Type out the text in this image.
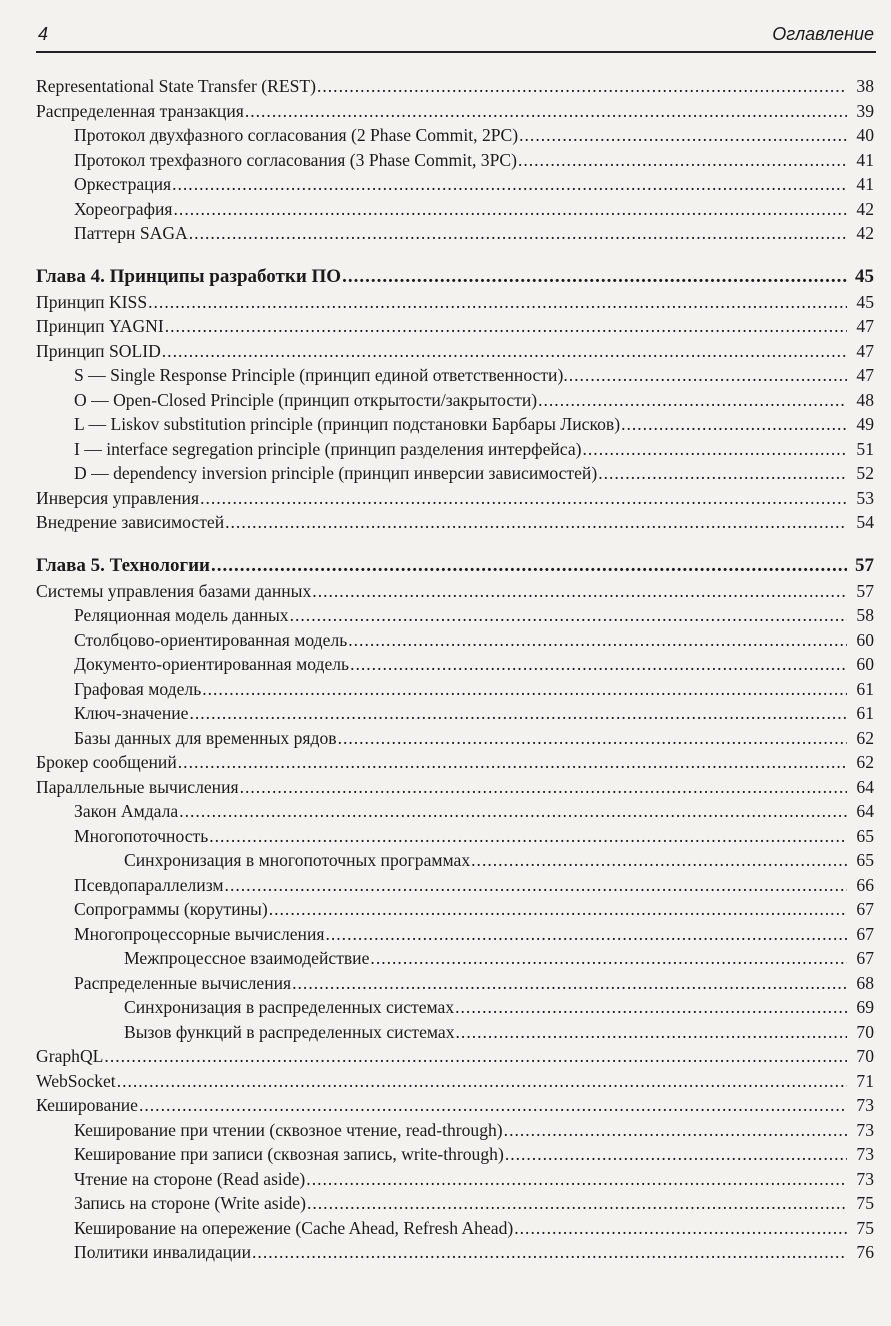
4	Оглавление
Representational State Transfer (REST) .....	38
Распределенная транзакция .....	39
Протокол двухфазного согласования (2 Phase Commit, 2PC) .....	40
Протокол трехфазного согласования (3 Phase Commit, 3PC) .....	41
Оркестрация .....	41
Хореография .....	42
Паттерн SAGA .....	42
Глава 4. Принципы разработки ПО .....	45
Принцип KISS .....	45
Принцип YAGNI .....	47
Принцип SOLID .....	47
S — Single Response Principle (принцип единой ответственности). .....	47
O — Open-Closed Principle (принцип открытости/закрытости) .....	48
L — Liskov substitution principle (принцип подстановки Барбары Лисков) .....	49
I — interface segregation principle (принцип разделения интерфейса) .....	51
D — dependency inversion principle (принцип инверсии зависимостей) .....	52
Инверсия управления .....	53
Внедрение зависимостей .....	54
Глава 5. Технологии .....	57
Системы управления базами данных .....	57
Реляционная модель данных .....	58
Столбцово-ориентированная модель .....	60
Документо-ориентированная модель .....	60
Графовая модель .....	61
Ключ-значение .....	61
Базы данных для временных рядов .....	62
Брокер сообщений .....	62
Параллельные вычисления .....	64
Закон Амдала .....	64
Многопоточность .....	65
Синхронизация в многопоточных программах .....	65
Псевдопараллелизм .....	66
Сопрограммы (корутины) .....	67
Многопроцессорные вычисления .....	67
Межпроцессное взаимодействие .....	67
Распределенные вычисления .....	68
Синхронизация в распределенных системах .....	69
Вызов функций в распределенных системах .....	70
GraphQL .....	70
WebSocket .....	71
Кеширование .....	73
Кеширование при чтении (сквозное чтение, read-through) .....	73
Кеширование при записи (сквозная запись, write-through) .....	73
Чтение на стороне (Read aside) .....	73
Запись на стороне (Write aside) .....	75
Кеширование на опережение (Cache Ahead, Refresh Ahead) .....	75
Политики инвалидации .....	76
